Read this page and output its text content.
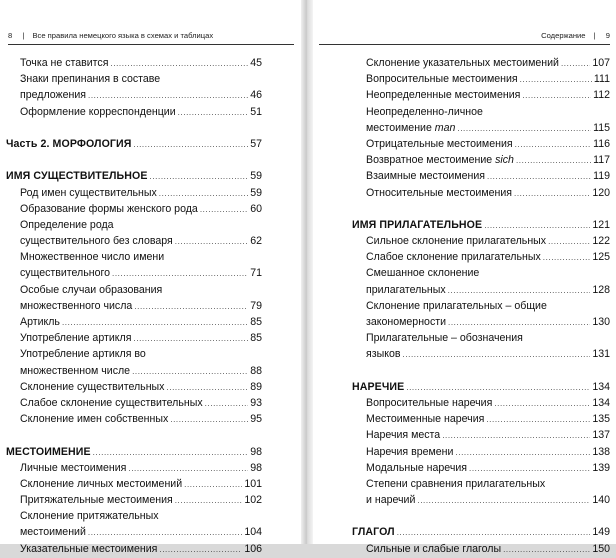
8 | Все правила немецкого языка в схемах и таблицах
Точка не ставится .....	45
Знаки препинания в составе
предложения .....	46
Оформление корреспонденции .....	51
Часть 2. МОРФОЛОГИЯ .....	57
ИМЯ СУЩЕСТВИТЕЛЬНОЕ .....	59
Род имен существительных .....	59
Образование формы женского рода .....	60
Определение рода
существительного без словаря .....	62
Множественное число имени
существительного .....	71
Особые случаи образования
множественного числа .....	79
Артикль .....	85
Употребление артикля .....	85
Употребление артикля во
множественном числе .....	88
Склонение существительных .....	89
Слабое склонение существительных .....	93
Склонение имен собственных .....	95
МЕСТОИМЕНИЕ .....	98
Личные местоимения .....	98
Склонение личных местоимений .....	101
Притяжательные местоимения .....	102
Склонение притяжательных
местоимений .....	104
Указательные местоимения .....	106
Содержание | 9
Склонение указательных местоимений .....	107
Вопросительные местоимения .....	111
Неопределенные местоимения .....	112
Неопределенно-личное
местоимение man .....	115
Отрицательные местоимения .....	116
Возвратное местоимение sich .....	117
Взаимные местоимения .....	119
Относительные местоимения .....	120
ИМЯ ПРИЛАГАТЕЛЬНОЕ .....	121
Сильное склонение прилагательных .....	122
Слабое склонение прилагательных .....	125
Смешанное склонение
прилагательных .....	128
Склонение прилагательных – общие
закономерности .....	130
Прилагательные – обозначения
языков .....	131
НАРЕЧИЕ .....	134
Вопросительные наречия .....	134
Местоименные наречия .....	135
Наречия места .....	137
Наречия времени .....	138
Модальные наречия .....	139
Степени сравнения прилагательных
и наречий .....	140
ГЛАГОЛ .....	149
Сильные и слабые глаголы .....	150
